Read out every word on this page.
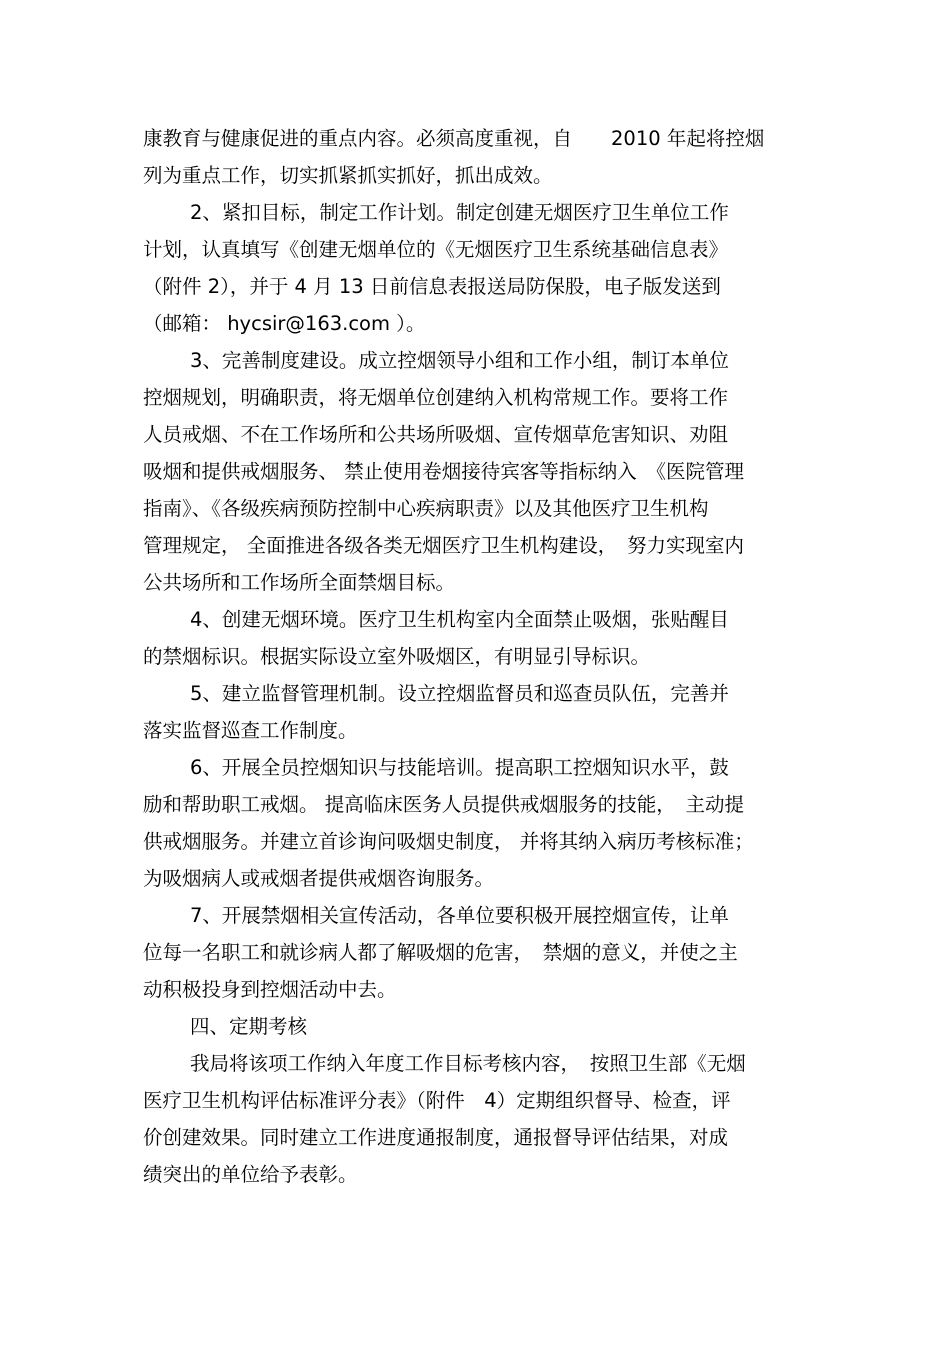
康教育与健康促进的重点内容。必须高度重视，自　　2010 年起将控烟
列为重点工作，切实抓紧抓实抓好，抓出成效。
2、紧扣目标，制定工作计划。制定创建无烟医疗卫生单位工作
计划，认真填写《创建无烟单位的《无烟医疗卫生系统基础信息表》
（附件 2），并于 4 月 13 日前信息表报送局防保股，电子版发送到
（邮箱： hycsir@163.com ）。
3、完善制度建设。成立控烟领导小组和工作小组，制订本单位
控烟规划，明确职责，将无烟单位创建纳入机构常规工作。要将工作
人员戒烟、不在工作场所和公共场所吸烟、宣传烟草危害知识、劝阻
吸烟和提供戒烟服务、 禁止使用卷烟接待宾客等指标纳入　《医院管理
指南》、《各级疾病预防控制中心疾病职责》以及其他医疗卫生机构
管理规定， 全面推进各级各类无烟医疗卫生机构建设，　努力实现室内
公共场所和工作场所全面禁烟目标。
4、创建无烟环境。医疗卫生机构室内全面禁止吸烟，张贴醒目
的禁烟标识。根据实际设立室外吸烟区，有明显引导标识。
5、建立监督管理机制。设立控烟监督员和巡查员队伍，完善并
落实监督巡查工作制度。
6、开展全员控烟知识与技能培训。提高职工控烟知识水平，鼓
励和帮助职工戒烟。 提高临床医务人员提供戒烟服务的技能，　主动提
供戒烟服务。并建立首诊询问吸烟史制度， 并将其纳入病历考核标准；
为吸烟病人或戒烟者提供戒烟咨询服务。
7、开展禁烟相关宣传活动，各单位要积极开展控烟宣传，让单
位每一名职工和就诊病人都了解吸烟的危害，　禁烟的意义，并使之主
动积极投身到控烟活动中去。
四、定期考核
我局将该项工作纳入年度工作目标考核内容，　按照卫生部《无烟
医疗卫生机构评估标准评分表》（附件　4）定期组织督导、检查，评
价创建效果。同时建立工作进度通报制度，通报督导评估结果，对成
绩突出的单位给予表彰。
